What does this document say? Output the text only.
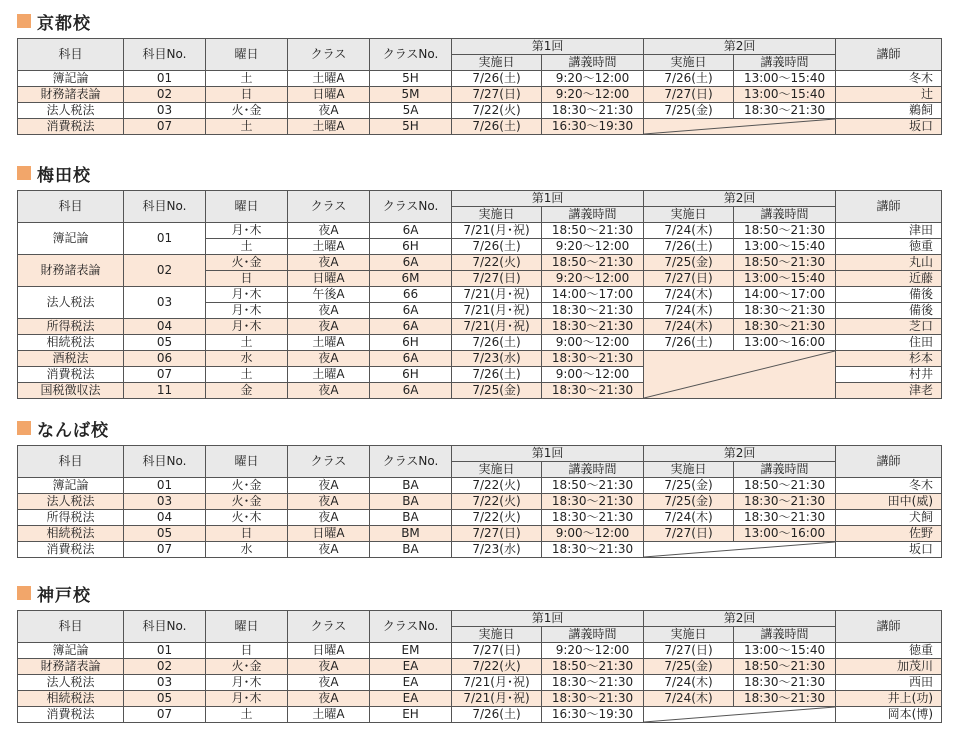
京都校
科目	科目No.	曜日	クラス	クラスNo.	第1回		第2回		講師
					実施日	講義時間	実施日	講義時間	
簿記論	01	土	土曜A	5H	7/26(土)	9:20～12:00	7/26(土)	13:00～15:40	冬木
財務諸表論	02	日	日曜A	5M	7/27(日)	9:20～12:00	7/27(日)	13:00～15:40	辻
法人税法	03	火･金	夜A	5A	7/22(火)	18:30～21:30	7/25(金)	18:30～21:30	鵜飼
消費税法	07	土	土曜A	5H	7/26(土)	16:30～19:30			坂口
梅田校
科目	科目No.	曜日	クラス	クラスNo.	第1回		第2回		講師
					実施日	講義時間	実施日	講義時間	
簿記論	01	月･木	夜A	6A	7/21(月･祝)	18:50～21:30	7/24(木)	18:50～21:30	津田
		土	土曜A	6H	7/26(土)	9:20～12:00	7/26(土)	13:00～15:40	徳重
財務諸表論	02	火･金	夜A	6A	7/22(火)	18:50～21:30	7/25(金)	18:50～21:30	丸山
		日	日曜A	6M	7/27(日)	9:20～12:00	7/27(日)	13:00～15:40	近藤
法人税法	03	月･木	午後A	66	7/21(月･祝)	14:00～17:00	7/24(木)	14:00～17:00	備後
		月･木	夜A	6A	7/21(月･祝)	18:30～21:30	7/24(木)	18:30～21:30	備後
所得税法	04	月･木	夜A	6A	7/21(月･祝)	18:30～21:30	7/24(木)	18:30～21:30	芝口
相続税法	05	土	土曜A	6H	7/26(土)	9:00～12:00	7/26(土)	13:00～16:00	住田
酒税法	06	水	夜A	6A	7/23(水)	18:30～21:30			杉本
消費税法	07	土	土曜A	6H	7/26(土)	9:00～12:00			村井
国税徴収法	11	金	夜A	6A	7/25(金)	18:30～21:30			津老
なんば校
科目	科目No.	曜日	クラス	クラスNo.	第1回		第2回		講師
					実施日	講義時間	実施日	講義時間	
簿記論	01	火･金	夜A	BA	7/22(火)	18:50～21:30	7/25(金)	18:50～21:30	冬木
法人税法	03	火･金	夜A	BA	7/22(火)	18:30～21:30	7/25(金)	18:30～21:30	田中(威)
所得税法	04	火･木	夜A	BA	7/22(火)	18:30～21:30	7/24(木)	18:30～21:30	犬飼
相続税法	05	日	日曜A	BM	7/27(日)	9:00～12:00	7/27(日)	13:00～16:00	佐野
消費税法	07	水	夜A	BA	7/23(水)	18:30～21:30			坂口
神戸校
科目	科目No.	曜日	クラス	クラスNo.	第1回		第2回		講師
					実施日	講義時間	実施日	講義時間	
簿記論	01	日	日曜A	EM	7/27(日)	9:20～12:00	7/27(日)	13:00～15:40	徳重
財務諸表論	02	火･金	夜A	EA	7/22(火)	18:50～21:30	7/25(金)	18:50～21:30	加茂川
法人税法	03	月･木	夜A	EA	7/21(月･祝)	18:30～21:30	7/24(木)	18:30～21:30	西田
相続税法	05	月･木	夜A	EA	7/21(月･祝)	18:30～21:30	7/24(木)	18:30～21:30	井上(功)
消費税法	07	土	土曜A	EH	7/26(土)	16:30～19:30			岡本(博)
